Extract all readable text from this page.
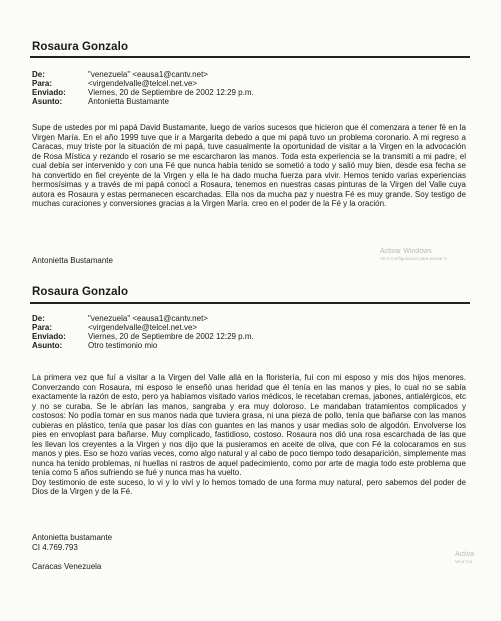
Rosaura Gonzalo
De:	"venezuela" <eausa1@cantv.net>
Para:	<virgendelvalle@telcel.net.ve>
Enviado:	Viernes, 20 de Septiembre de 2002 12:29 p.m.
Asunto:	Antonietta Bustamante

Supe de ustedes por mi papá David Bustamante, luego de varios sucesos que hicieron que él comenzara a tener fé en la Virgen María. En el año 1999 tuve que ir a Margarita debedo a que mi papá tuvo un problema coronario. A mi regreso a Caracas, muy triste por la situación de mi papá, tuve casualmente la oportunidad de visitar a la Virgen en la advocación de Rosa Mística y rezando el rosario se me escarcharon las manos. Toda esta experiencia se la transmití a mi padre, el cual debía ser intervenido y con una Fé que nunca había tenido se sometió a todo y salió muy bien, desde esa fecha se ha convertido en fiel creyente de la Virgen y ella le ha dado mucha fuerza para vivir. Hemos tenido varias experiencias hermosísimas y a través de mi papá conocí a Rosaura, tenemos en nuestras casas pinturas de la Virgen del Valle cuya autora es Rosaura y estas permanecen escarchadas. Ella nos da mucha paz y nuestra Fé es muy grande. Soy testigo de muchas curaciones y conversiones gracias a la Virgen María. creo en el poder de la Fé y la oración.

Antonietta Bustamante
Activar Windows
Ve a Configuración para activar V
Rosaura Gonzalo
De:	"venezuela" <eausa1@cantv.net>
Para:	<virgendelvalle@telcel.net.ve>
Enviado:	Viernes, 20 de Septiembre de 2002 12:29 p.m.
Asunto:	Otro testimonio mio

La primera vez que fuí a visitar a la Virgen del Valle allá en la floristería, fuí con mi esposo y mis dos hijos menores. Converzando con Rosaura, mi esposo le enseñó unas heridad que él tenía en las manos y pies, lo cual no se sabía exactamente la razón de esto, pero ya habíamos visitado varios médicos, le recetaban cremas, jabones, antialérgicos, etc y no se curaba. Se le abrían las manos, sangraba y era muy doloroso. Le mandaban tratamientos complicados y costosos: No podía tomar en sus manos nada que tuviera grasa, ni una pieza de pollo, tenía que bañarse con las manos cubieras en plástico, tenía que pasar los días con guantes en las manos y usar medias solo de algodón. Envolverse los pies en envoplast para bañarse. Muy complicado, fastidioso, costoso. Rosaura nos dió una rosa escarchada de las que les llevan los creyentes a la Virgen y nos dijo que la pusieramos en aceite de oliva, que con Fé la colocaramos en sus manos y pies. Eso se hozo varias veces, como algo natural y al cabo de poco tiempo todo desaparición, simplemente mas nunca ha tenido problemas, ni huellas ni rastros de aquel padecimiento, como por arte de magia todo este problema que tenía como 5 años sufriendo se fué y nunca mas ha vuelto.

Doy testimonio de este suceso, lo vi y lo viví y lo hemos tomado de una forma muy natural, pero sabemos del poder de Dios de la Virgen y de la Fé.

Antonietta bustamante
CI 4.769.793

Caracas Venezuela
Activa
Ve a Cor
